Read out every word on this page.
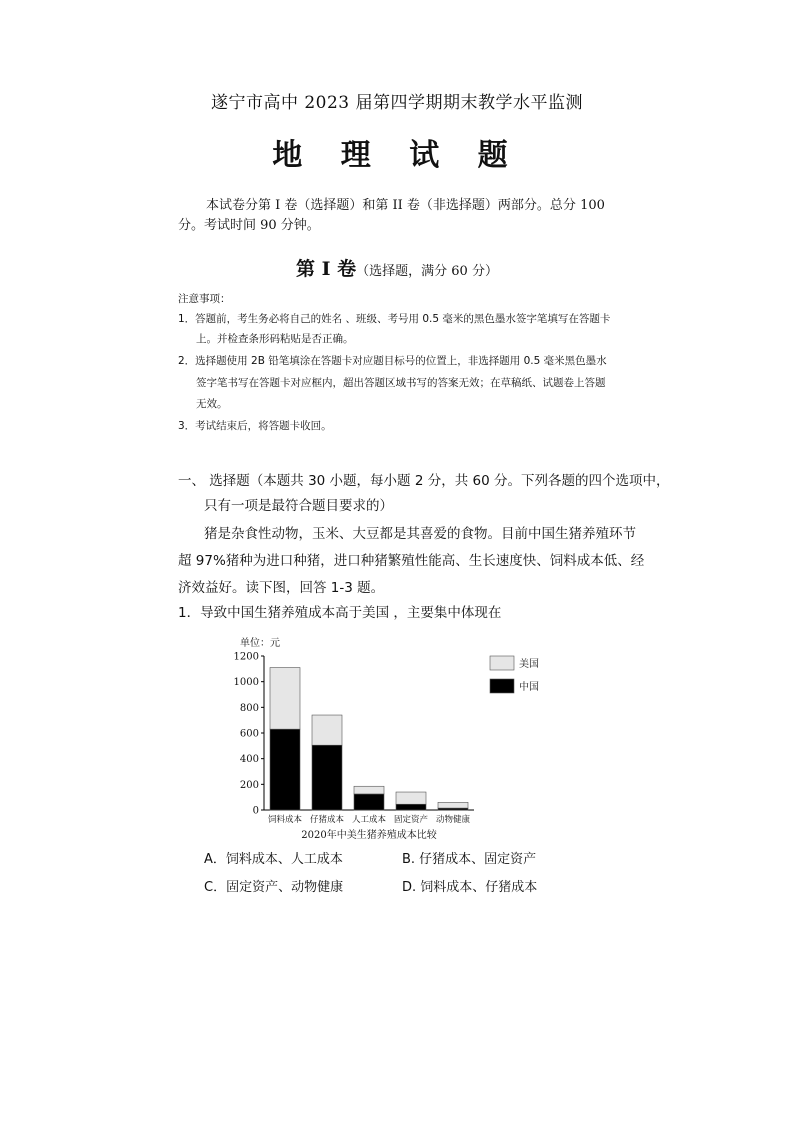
遂宁市高中 2023 届第四学期期末教学水平监测
地 理 试 题
本试卷分第 I 卷（选择题）和第 II 卷（非选择题）两部分。总分 100
分。考试时间 90 分钟。
第 Ⅰ 卷（选择题，满分 60 分）
注意事项：
1．答题前，考生务必将自己的姓名 、班级、考号用 0.5 毫米的黑色墨水签字笔填写在答题卡
上。并检查条形码粘贴是否正确。
2．选择题使用 2B 铅笔填涂在答题卡对应题目标号的位置上，非选择题用 0.5 毫米黑色墨水
签字笔书写在答题卡对应框内，超出答题区域书写的答案无效；在草稿纸、试题卷上答题
无效。
3．考试结束后，将答题卡收回。
一、 选择题（本题共 30 小题，每小题 2 分，共 60 分。下列各题的四个选项中，
只有一项是最符合题目要求的）
猪是杂食性动物，玉米、大豆都是其喜爱的食物。目前中国生猪养殖环节
超 97%猪种为进口种猪，进口种猪繁殖性能高、生长速度快、饲料成本低、经
济效益好。读下图，回答 1-3 题。
1．导致中国生猪养殖成本高于美国 ，主要集中体现在
单位：元
0
200
400
600
800
1000
1200
饲料成本 仔猪成本 人工成本 固定资产 动物健康
2020年中美生猪养殖成本比较
美国
中国
A．饲料成本、人工成本	B. 仔猪成本、固定资产
C．固定资产、动物健康	D. 饲料成本、仔猪成本
